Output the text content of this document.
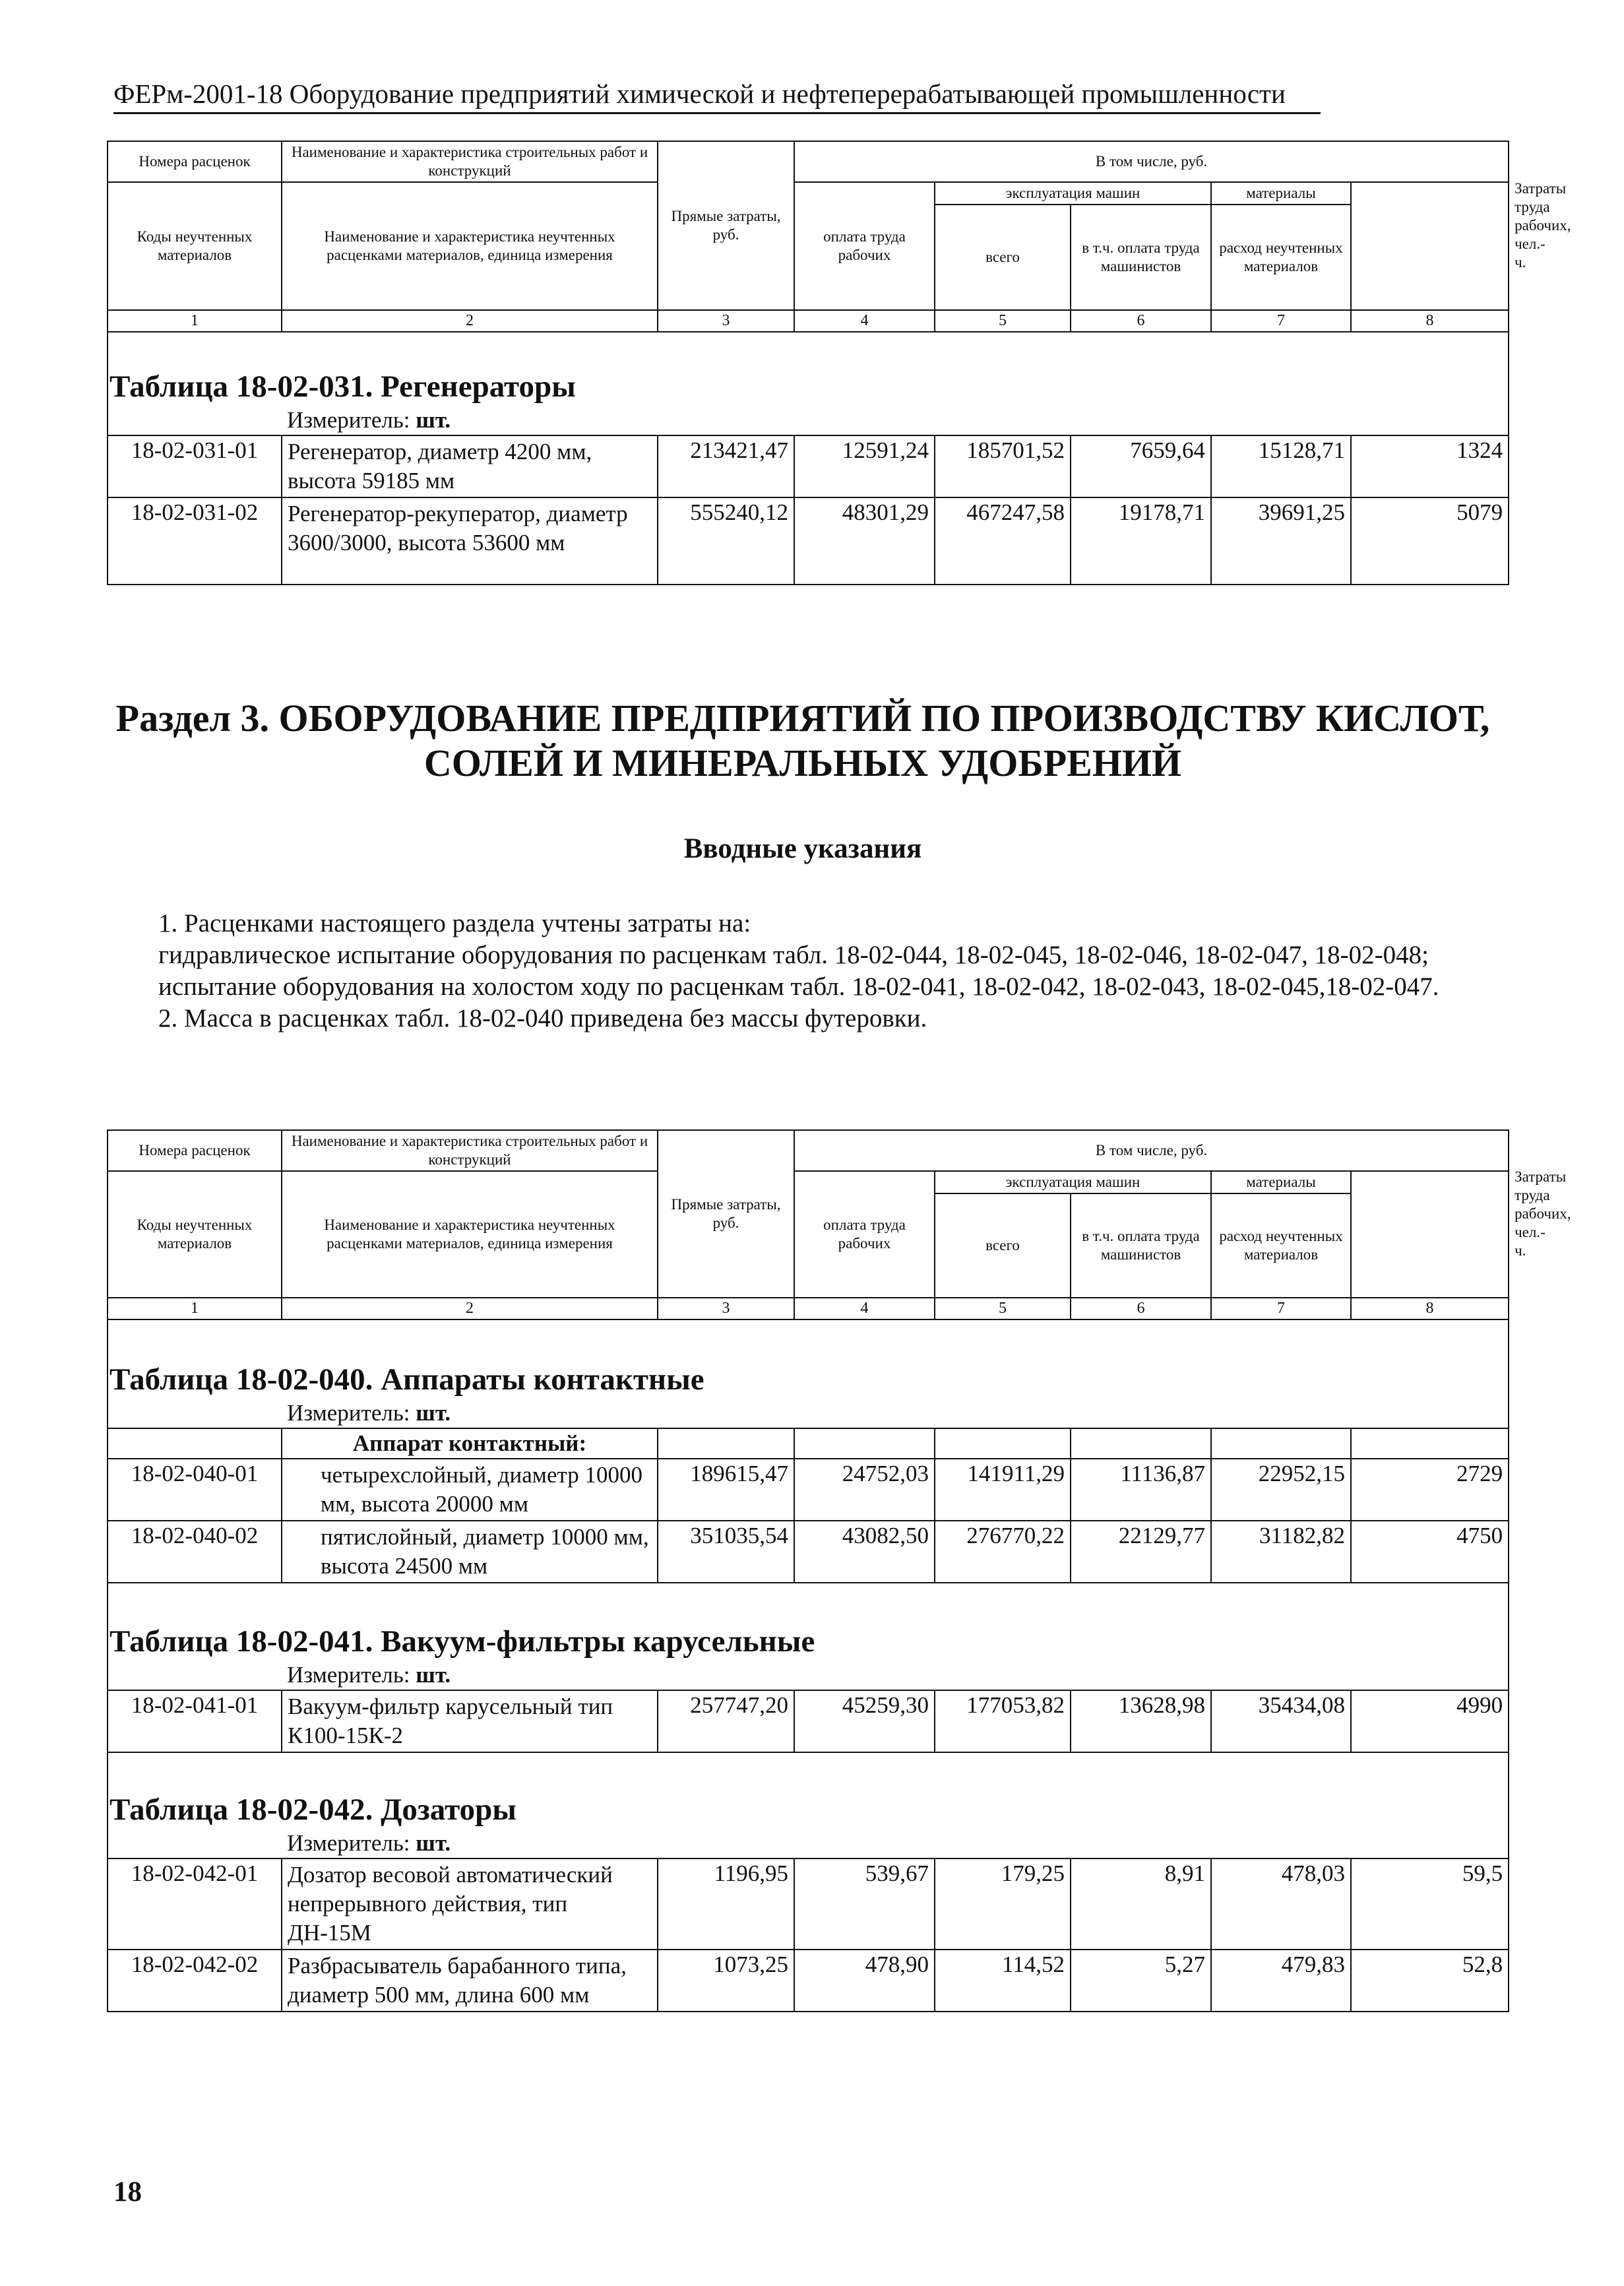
ФЕРм-2001-18 Оборудование предприятий химической и нефтеперерабатывающей промышленности
Номера расценок	Наименование и характеристика строительных работ и конструкций	Прямые затраты, руб.	В том числе, руб.					Затраты труда рабочих, чел.-ч.
Коды неучтенных материалов	Наименование и характеристика неучтенных расценками материалов, единица измерения		оплата труда рабочих	эксплуатация машин		материалы		
				всего	в т.ч. оплата труда машинистов	расход неучтенных материалов		
1	2	3	4	5	6	7	8	
Таблица 18-02-031. Регенераторы								
	Измеритель: шт.							
18-02-031-01	Регенератор, диаметр 4200 мм, высота 59185 мм	213421,47	12591,24	185701,52	7659,64	15128,71	1324	
18-02-031-02	Регенератор-рекуператор, диаметр 3600/3000, высота 53600 мм	555240,12	48301,29	467247,58	19178,71	39691,25	5079	
Раздел 3. ОБОРУДОВАНИЕ ПРЕДПРИЯТИЙ ПО ПРОИЗВОДСТВУ КИСЛОТ, СОЛЕЙ И МИНЕРАЛЬНЫХ УДОБРЕНИЙ
Вводные указания

1. Расценками настоящего раздела учтены затраты на:

гидравлическое испытание оборудования по расценкам табл. 18-02-044, 18-02-045, 18-02-046, 18-02-047, 18-02-048;

испытание оборудования на холостом ходу по расценкам табл. 18-02-041, 18-02-042, 18-02-043, 18-02-045,18-02-047.

2. Масса в расценках табл. 18-02-040 приведена без массы футеровки.

Номера расценок	Наименование и характеристика строительных работ и конструкций	Прямые затраты, руб.	В том числе, руб.					Затраты труда рабочих, чел.-ч.
Коды неучтенных материалов	Наименование и характеристика неучтенных расценками материалов, единица измерения		оплата труда рабочих	эксплуатация машин		материалы		
				всего	в т.ч. оплата труда машинистов	расход неучтенных материалов		
1	2	3	4	5	6	7	8	
Таблица 18-02-040. Аппараты контактные								
	Измеритель: шт.							
	Аппарат контактный:							
18-02-040-01	четырехслойный, диаметр 10000 мм, высота 20000 мм	189615,47	24752,03	141911,29	11136,87	22952,15	2729	
18-02-040-02	пятислойный, диаметр 10000 мм, высота 24500 мм	351035,54	43082,50	276770,22	22129,77	31182,82	4750	
Таблица 18-02-041. Вакуум-фильтры карусельные								
	Измеритель: шт.							
18-02-041-01	Вакуум-фильтр карусельный тип К100-15К-2	257747,20	45259,30	177053,82	13628,98	35434,08	4990	
Таблица 18-02-042. Дозаторы								
	Измеритель: шт.							
18-02-042-01	Дозатор весовой автоматический непрерывного действия, тип ДН-15М	1196,95	539,67	179,25	8,91	478,03	59,5	
18-02-042-02	Разбрасыватель барабанного типа, диаметр 500 мм, длина 600 мм	1073,25	478,90	114,52	5,27	479,83	52,8	
18
